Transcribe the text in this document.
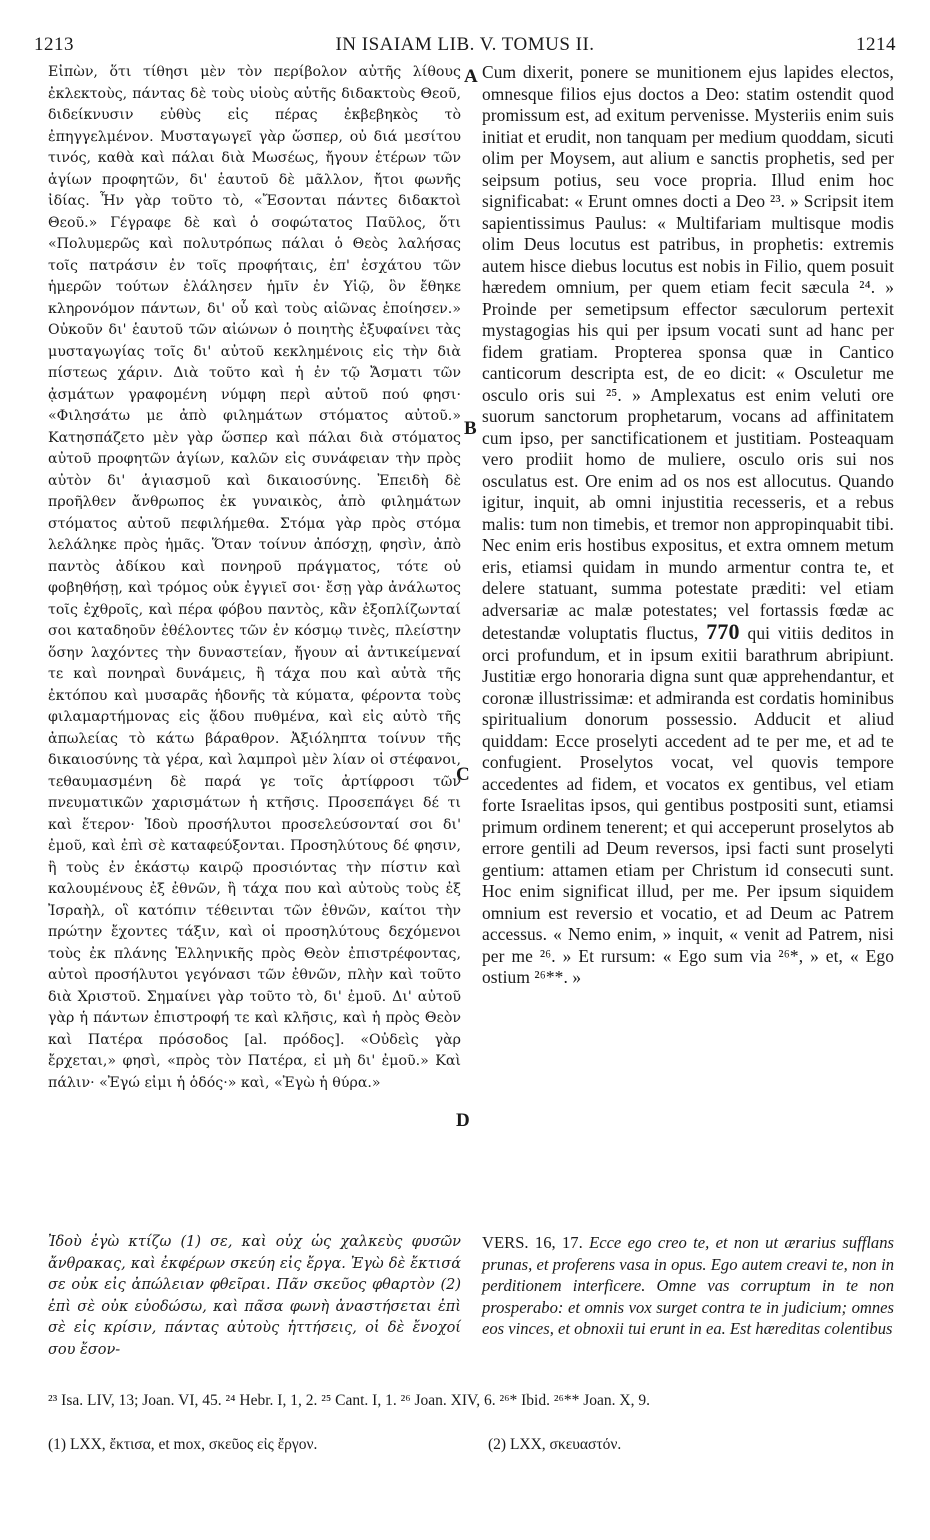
1213	IN ISAIAM LIB. V. TOMUS II.	1214

Εἰπὼν, ὅτι τίθησι μὲν τὸν περίβολον αὐτῆς λίθους ἐκλεκτοὺς, πάντας δὲ τοὺς υἱοὺς αὐτῆς διδακτοὺς Θεοῦ, διδείκνυσιν εὐθὺς εἰς πέρας ἐκβεβηκὸς τὸ ἐπηγγελμένον. Μυσταγωγεῖ γὰρ ὥσπερ, οὐ διά μεσίτου τινός, καθὰ καὶ πάλαι διὰ Μωσέως, ἤγουν ἑτέρων τῶν ἁγίων προφητῶν, δι' ἑαυτοῦ δὲ μᾶλλον, ἤτοι φωνῆς ἰδίας. Ἦν γὰρ τοῦτο τὸ, «Ἔσονται πάντες διδακτοὶ Θεοῦ.» Γέγραφε δὲ καὶ ὁ σοφώτατος Παῦλος, ὅτι «Πολυμερῶς καὶ πολυτρόπως πάλαι ὁ Θεὸς λαλήσας τοῖς πατράσιν ἐν τοῖς προφήταις, ἐπ' ἐσχάτου τῶν ἡμερῶν τούτων ἐλάλησεν ἡμῖν ἐν Υἱῷ, ὃν ἔθηκε κληρονόμον πάντων, δι' οὗ καὶ τοὺς αἰῶνας ἐποίησεν.» Οὐκοῦν δι' ἑαυτοῦ τῶν αἰώνων ὁ ποιητὴς ἐξυφαίνει τὰς μυσταγωγίας τοῖς δι' αὐτοῦ κεκλημένοις εἰς τὴν διὰ πίστεως χάριν. Διὰ τοῦτο καὶ ἡ ἐν τῷ Ἄσματι τῶν ᾀσμάτων γραφομένη νύμφη περὶ αὐτοῦ πού φησι· «Φιλησάτω με ἀπὸ φιλημάτων στόματος αὐτοῦ.» Κατησπάζετο μὲν γὰρ ὥσπερ καὶ πάλαι διὰ στόματος αὐτοῦ προφητῶν ἁγίων, καλῶν εἰς συνάφειαν τὴν πρὸς αὐτὸν δι' ἁγιασμοῦ καὶ δικαιοσύνης. Ἐπειδὴ δὲ προῆλθεν ἄνθρωπος ἐκ γυναικὸς, ἀπὸ φιλημάτων στόματος αὐτοῦ πεφιλήμεθα. Στόμα γὰρ πρὸς στόμα λελάληκε πρὸς ἡμᾶς. Ὅταν τοίνυν ἀπόσχῃ, φησὶν, ἀπὸ παντὸς ἀδίκου καὶ πονηροῦ πράγματος, τότε οὐ φοβηθήσῃ, καὶ τρόμος οὐκ ἐγγιεῖ σοι· ἔσῃ γὰρ ἀνάλωτος τοῖς ἐχθροῖς, καὶ πέρα φόβου παντὸς, κἂν ἐξοπλίζωνταί σοι καταδηοῦν ἐθέλοντες τῶν ἐν κόσμῳ τινὲς, πλείστην ὅσην λαχόντες τὴν δυναστείαν, ἤγουν αἱ ἀντικείμεναί τε καὶ πονηραὶ δυνάμεις, ἢ τάχα που καὶ αὐτὰ τῆς ἐκτόπου καὶ μυσαρᾶς ἡδονῆς τὰ κύματα, φέροντα τοὺς φιλαμαρτήμονας εἰς ᾅδου πυθμένα, καὶ εἰς αὐτὸ τῆς ἀπωλείας τὸ κάτω βάραθρον. Ἀξιόληπτα τοίνυν τῆς δικαιοσύνης τὰ γέρα, καὶ λαμπροὶ μὲν λίαν οἱ στέφανοι, τεθαυμασμένη δὲ παρά γε τοῖς ἀρτίφροσι τῶν πνευματικῶν χαρισμάτων ἡ κτῆσις. Προσεπάγει δέ τι καὶ ἕτερον· Ἰδοὺ προσήλυτοι προσελεύσονταί σοι δι' ἐμοῦ, καὶ ἐπὶ σὲ καταφεύξονται. Προσηλύτους δέ φησιν, ἢ τοὺς ἐν ἑκάστῳ καιρῷ προσιόντας τὴν πίστιν καὶ καλουμένους ἐξ ἐθνῶν, ἢ τάχα που καὶ αὐτοὺς τοὺς ἐξ Ἰσραὴλ, οἳ κατόπιν τέθεινται τῶν ἐθνῶν, καίτοι τὴν πρώτην ἔχοντες τάξιν, καὶ οἱ προσηλύτους δεχόμενοι τοὺς ἐκ πλάνης Ἑλληνικῆς πρὸς Θεὸν ἐπιστρέφοντας, αὐτοὶ προσήλυτοι γεγόνασι τῶν ἐθνῶν, πλὴν καὶ τοῦτο διὰ Χριστοῦ. Σημαίνει γὰρ τοῦτο τὸ, δι' ἐμοῦ. Δι' αὐτοῦ γὰρ ἡ πάντων ἐπιστροφή τε καὶ κλῆσις, καὶ ἡ πρὸς Θεὸν καὶ Πατέρα πρόσοδος [al. πρόδος]. «Οὐδεὶς γὰρ ἔρχεται,» φησὶ, «πρὸς τὸν Πατέρα, εἰ μὴ δι' ἐμοῦ.» Καὶ πάλιν· «Ἐγώ εἰμι ἡ ὁδός·» καὶ, «Ἐγὼ ἡ θύρα.»

Cum dixerit, ponere se munitionem ejus lapides electos, omnesque filios ejus doctos a Deo: statim ostendit quod promissum est, ad exitum pervenisse. Mysteriis enim suis initiat et erudit, non tanquam per medium quoddam, sicuti olim per Moysem, aut alium e sanctis prophetis, sed per seipsum potius, seu voce propria. Illud enim hoc significabat: « Erunt omnes docti a Deo ²³. » Scripsit item sapientissimus Paulus: « Multifariam multisque modis olim Deus locutus est patribus, in prophetis: extremis autem hisce diebus locutus est nobis in Filio, quem posuit hæredem omnium, per quem etiam fecit sæcula ²⁴. » Proinde per semetipsum effector sæculorum pertexit mystagogias his qui per ipsum vocati sunt ad hanc per fidem gratiam. Propterea sponsa quæ in Cantico canticorum descripta est, de eo dicit: « Osculetur me osculo oris sui ²⁵. » Amplexatus est enim veluti ore suorum sanctorum prophetarum, vocans ad affinitatem cum ipso, per sanctificationem et justitiam. Posteaquam vero prodiit homo de muliere, osculo oris sui nos osculatus est. Ore enim ad os nos est allocutus. Quando igitur, inquit, ab omni injustitia recesseris, et a rebus malis: tum non timebis, et tremor non appropinquabit tibi. Nec enim eris hostibus expositus, et extra omnem metum eris, etiamsi quidam in mundo armentur contra te, et delere statuant, summa potestate præditi: vel etiam adversariæ ac malæ potestates; vel fortassis fœdæ ac detestandæ voluptatis fluctus, 770 qui vitiis deditos in orci profundum, et in ipsum exitii barathrum abripiunt. Justitiæ ergo honoraria digna sunt quæ apprehendantur, et coronæ illustrissimæ: et admiranda est cordatis hominibus spiritualium donorum possessio. Adducit et aliud quiddam: Ecce proselyti accedent ad te per me, et ad te confugient. Proselytos vocat, vel quovis tempore accedentes ad fidem, et vocatos ex gentibus, vel etiam forte Israelitas ipsos, qui gentibus postpositi sunt, etiamsi primum ordinem tenerent; et qui acceperunt proselytos ab errore gentili ad Deum reversos, ipsi facti sunt proselyti gentium: attamen etiam per Christum id consecuti sunt. Hoc enim significat illud, per me. Per ipsum siquidem omnium est reversio et vocatio, et ad Deum ac Patrem accessus. « Nemo enim, » inquit, « venit ad Patrem, nisi per me ²⁶. » Et rursum: « Ego sum via ²⁶*, » et, « Ego ostium ²⁶**. »

A
B
C
D
Ἰδοὺ ἐγὼ κτίζω (1) σε, καὶ οὐχ ὡς χαλκεὺς φυσῶν ἄνθρακας, καὶ ἐκφέρων σκεύη εἰς ἔργα. Ἐγὼ δὲ ἔκτισά σε οὐκ εἰς ἀπώλειαν φθεῖραι. Πᾶν σκεῦος φθαρτὸν (2) ἐπὶ σὲ οὐκ εὐοδώσω, καὶ πᾶσα φωνὴ ἀναστήσεται ἐπὶ σὲ εἰς κρίσιν, πάντας αὐτοὺς ἡττήσεις, οἱ δὲ ἔνοχοί σου ἔσον-
VERS. 16, 17. Ecce ego creo te, et non ut ærarius sufflans prunas, et proferens vasa in opus. Ego autem creavi te, non in perditionem interficere. Omne vas corruptum in te non prosperabo: et omnis vox surget contra te in judicium; omnes eos vinces, et obnoxii tui erunt in ea. Est hæreditas colentibus
²³ Isa. LIV, 13; Joan. VI, 45. ²⁴ Hebr. I, 1, 2. ²⁵ Cant. I, 1. ²⁶ Joan. XIV, 6. ²⁶* Ibid. ²⁶** Joan. X, 9.
(1) LXX, ἔκτισα, et mox, σκεῦος εἰς ἔργον.	(2) LXX, σκευαστόν.
